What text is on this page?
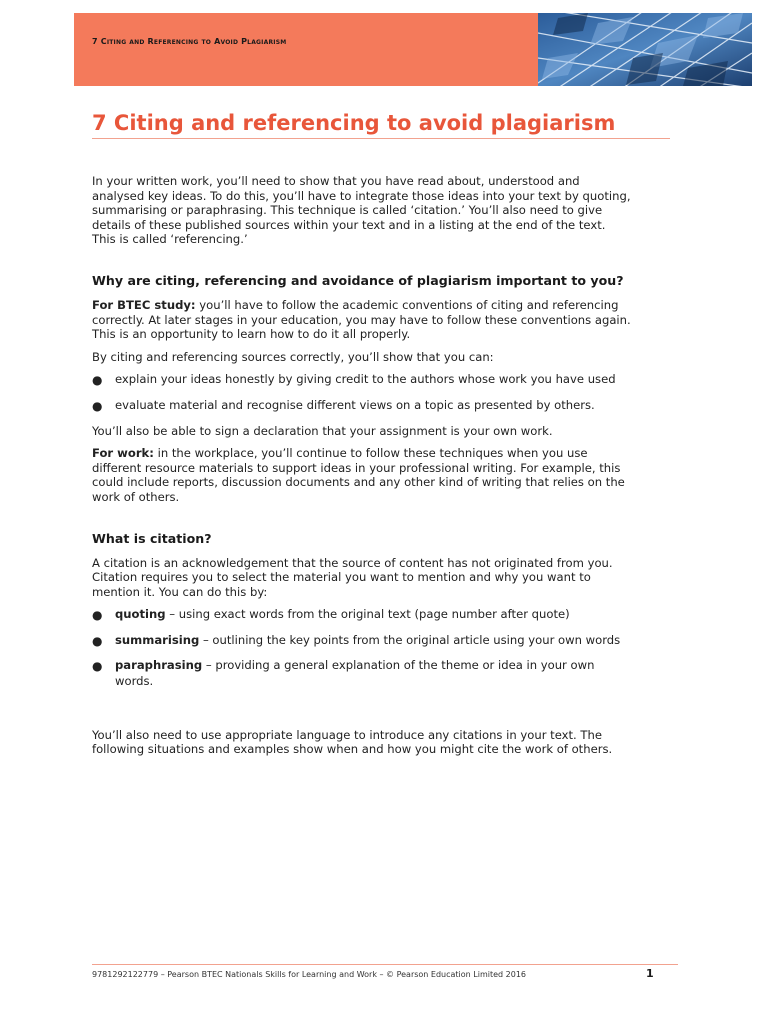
7 Citing and Referencing to Avoid Plagiarism
7 Citing and referencing to avoid plagiarism

In your written work, you’ll need to show that you have read about, understood and analysed key ideas. To do this, you’ll have to integrate those ideas into your text by quoting, summarising or paraphrasing. This technique is called ‘citation.’ You’ll also need to give details of these published sources within your text and in a listing at the end of the text. This is called ‘referencing.’

Why are citing, referencing and avoidance of plagiarism important to you?

For BTEC study: you’ll have to follow the academic conventions of citing and referencing correctly. At later stages in your education, you may have to follow these conventions again. This is an opportunity to learn how to do it all properly.

By citing and referencing sources correctly, you’ll show that you can:

● explain your ideas honestly by giving credit to the authors whose work you have used
● evaluate material and recognise different views on a topic as presented by others.

You’ll also be able to sign a declaration that your assignment is your own work.

For work: in the workplace, you’ll continue to follow these techniques when you use different resource materials to support ideas in your professional writing. For example, this could include reports, discussion documents and any other kind of writing that relies on the work of others.

What is citation?

A citation is an acknowledgement that the source of content has not originated from you. Citation requires you to select the material you want to mention and why you want to mention it. You can do this by:

● quoting – using exact words from the original text (page number after quote)
● summarising – outlining the key points from the original article using your own words
● paraphrasing – providing a general explanation of the theme or idea in your own words.

You’ll also need to use appropriate language to introduce any citations in your text. The following situations and examples show when and how you might cite the work of others.

9781292122779 – Pearson BTEC Nationals Skills for Learning and Work – © Pearson Education Limited 2016	1
